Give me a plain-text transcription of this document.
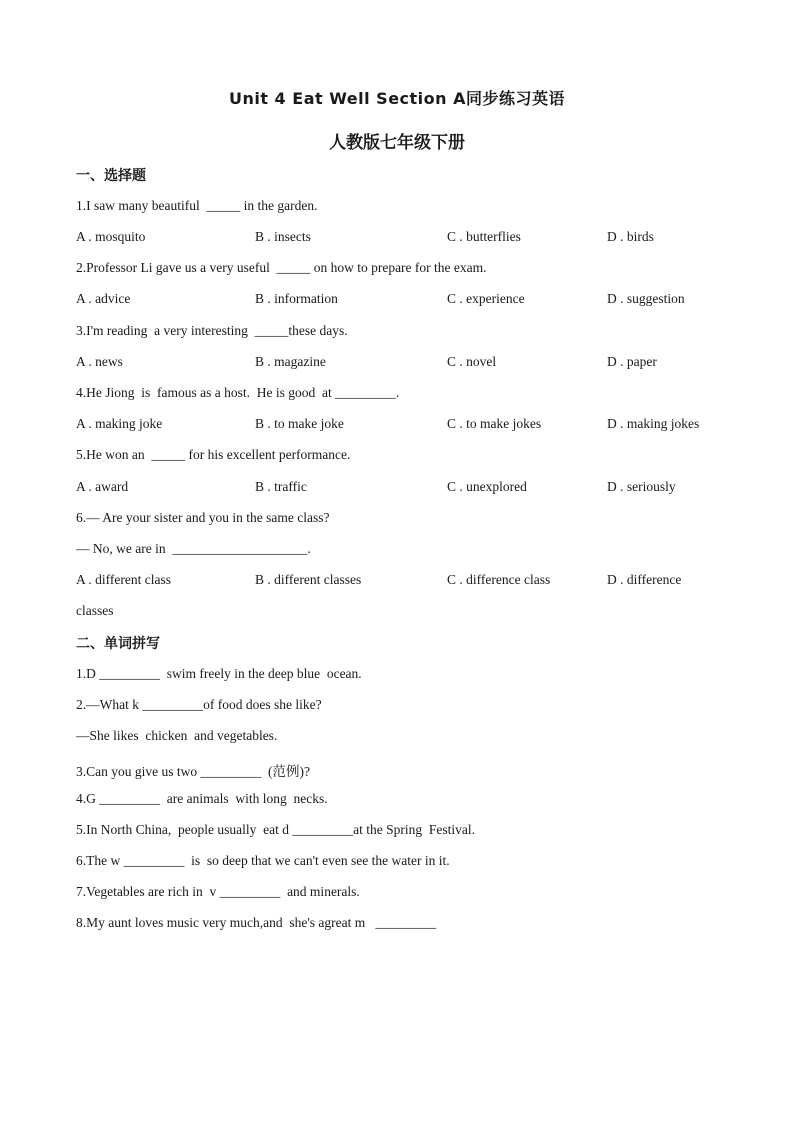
Unit 4 Eat Well Section A同步练习英语
人教版七年级下册
一、选择题
1.I saw many beautiful  _____ in the garden.
A . mosquito	B . insects	C . butterflies	D . birds
2.Professor Li gave us a very useful  _____ on how to prepare for the exam.
A . advice	B . information	C . experience	D . suggestion
3.I'm reading  a very interesting  _____these days.
A . news	B . magazine	C . novel	D . paper
4.He Jiong  is  famous as a host.  He is good  at _________.
A . making joke	B . to make joke	C . to make jokes	D . making jokes
5.He won an  _____ for his excellent performance.
A . award	B . traffic	C . unexplored	D . seriously
6.— Are your sister and you in the same class?
— No, we are in  ____________________.
A . different class	B . different classes	C . difference class	D . difference
classes
二、单词拼写
1.D _________  swim freely in the deep blue  ocean.
2.—What k _________of food does she like?
—She likes  chicken  and vegetables.
3.Can you give us two _________  (范例)?
4.G _________  are animals  with long  necks.
5.In North China,  people usually  eat d _________at the Spring  Festival.
6.The w _________  is  so deep that we can't even see the water in it.
7.Vegetables are rich in  v _________  and minerals.
8.My aunt loves music very much,and  she's agreat m   _________
